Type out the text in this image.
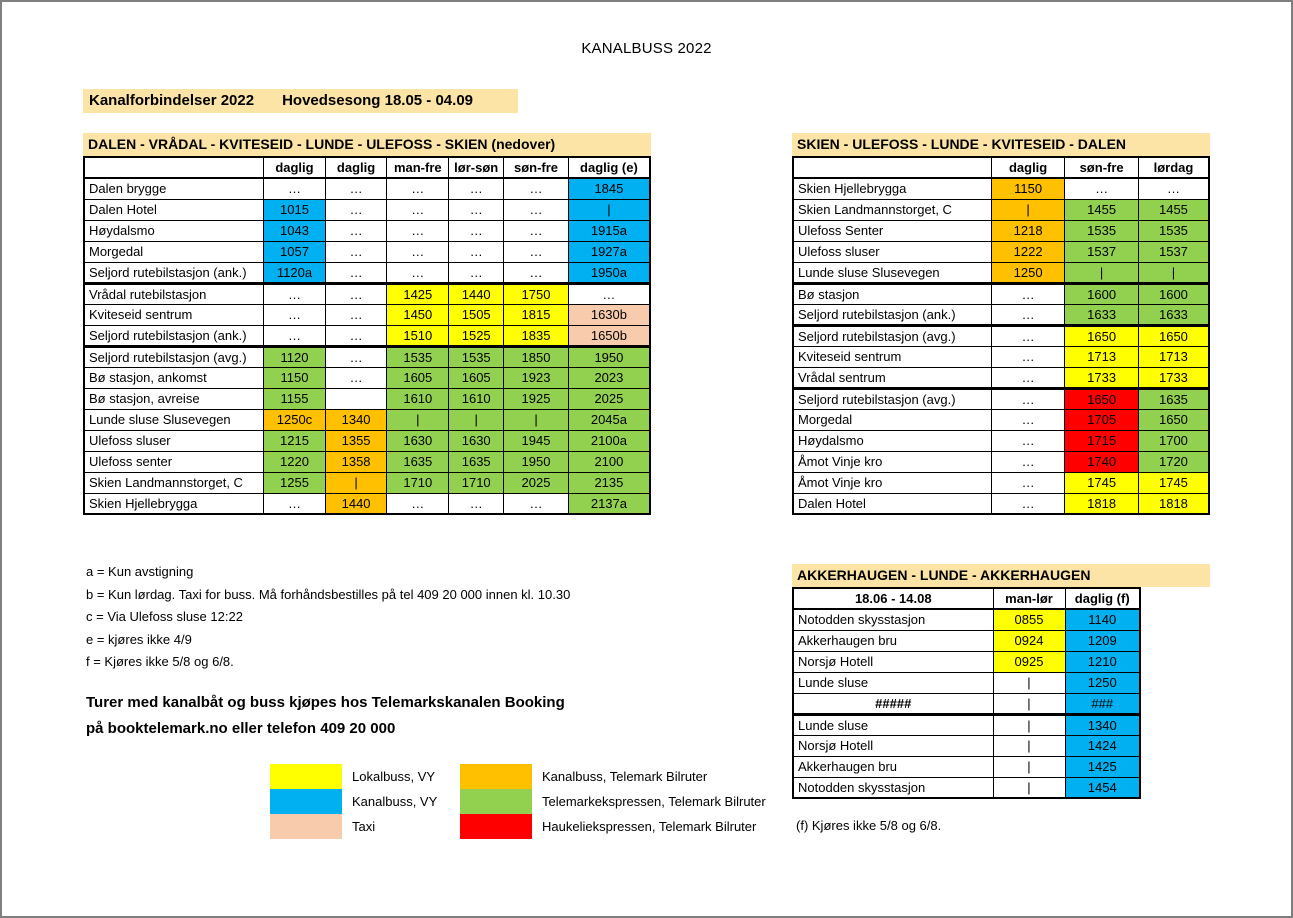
KANALBUSS 2022
Kanalforbindelser 2022 Hovedsesong 18.05 - 04.09
DALEN - VRÅDAL - KVITESEID - LUNDE - ULEFOSS - SKIEN (nedover)
	daglig	daglig	man-fre	lør-søn	søn-fre	daglig (e)
Dalen brygge	…	…	…	…	…	1845
Dalen Hotel	1015	…	…	…	…	|
Høydalsmo	1043	…	…	…	…	1915a
Morgedal	1057	…	…	…	…	1927a
Seljord rutebilstasjon (ank.)	1120a	…	…	…	…	1950a
Vrådal rutebilstasjon	…	…	1425	1440	1750	…
Kviteseid sentrum	…	…	1450	1505	1815	1630b
Seljord rutebilstasjon (ank.)	…	…	1510	1525	1835	1650b
Seljord rutebilstasjon (avg.)	1120	…	1535	1535	1850	1950
Bø stasjon, ankomst	1150	…	1605	1605	1923	2023
Bø stasjon, avreise	1155		1610	1610	1925	2025
Lunde sluse Slusevegen	1250c	1340	|	|	|	2045a
Ulefoss sluser	1215	1355	1630	1630	1945	2100a
Ulefoss senter	1220	1358	1635	1635	1950	2100
Skien Landmannstorget, C	1255	|	1710	1710	2025	2135
Skien Hjellebrygga	…	1440	…	…	…	2137a
SKIEN - ULEFOSS - LUNDE - KVITESEID - DALEN
	daglig	søn-fre	lørdag
Skien Hjellebrygga	1150	…	…
Skien Landmannstorget, C	|	1455	1455
Ulefoss Senter	1218	1535	1535
Ulefoss sluser	1222	1537	1537
Lunde sluse Slusevegen	1250	|	|
Bø stasjon	…	1600	1600
Seljord rutebilstasjon (ank.)	…	1633	1633
Seljord rutebilstasjon (avg.)	…	1650	1650
Kviteseid sentrum	…	1713	1713
Vrådal sentrum	…	1733	1733
Seljord rutebilstasjon (avg.)	…	1650	1635
Morgedal	…	1705	1650
Høydalsmo	…	1715	1700
Åmot Vinje kro	…	1740	1720
Åmot Vinje kro	…	1745	1745
Dalen Hotel	…	1818	1818
AKKERHAUGEN - LUNDE - AKKERHAUGEN
18.06 - 14.08	man-lør	daglig (f)
Notodden skysstasjon	0855	1140
Akkerhaugen bru	0924	1209
Norsjø Hotell	0925	1210
Lunde sluse	|	1250
#####	|	###
Lunde sluse	|	1340
Norsjø Hotell	|	1424
Akkerhaugen bru	|	1425
Notodden skysstasjon	|	1454
(f) Kjøres ikke 5/8 og 6/8.
a = Kun avstigning
b = Kun lørdag. Taxi for buss. Må forhåndsbestilles på tel 409 20 000 innen kl. 10.30
c = Via Ulefoss sluse 12:22
e = kjøres ikke 4/9
f = Kjøres ikke 5/8 og 6/8.
Turer med kanalbåt og buss kjøpes hos Telemarkskanalen Booking
på booktelemark.no eller telefon 409 20 000
Lokalbuss, VY
Kanalbuss, VY
Taxi
Kanalbuss, Telemark Bilruter
Telemarkekspressen, Telemark Bilruter
Haukeliekspressen, Telemark Bilruter
